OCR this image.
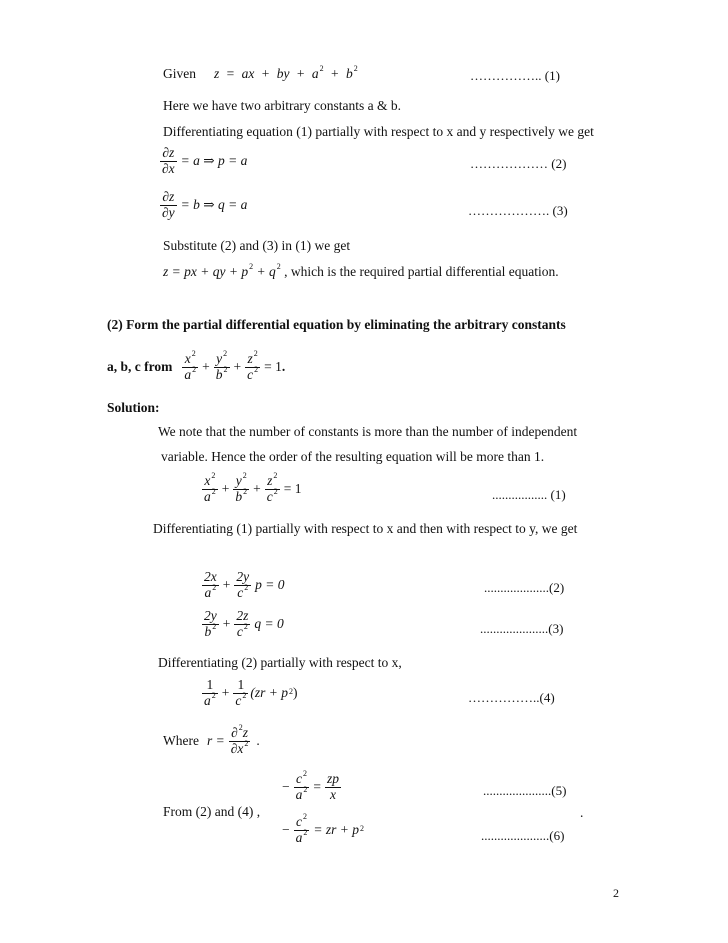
Given z = ax + by + $a^2 + b^2$	…………….. (1)
Here we have two arbitrary constants a & b.
Differentiating equation (1) partially with respect to x and y respectively we get
$\frac{\partial z}{\partial x} = a$ ⇒ p = a	……………… (2)
$\frac{\partial z}{\partial y} = b$ ⇒ q = a	………………. (3)
Substitute (2) and (3) in (1) we get
z = px + qy + $p^2 + q^2$ , which is the required partial differential equation.
(2) Form the partial differential equation by eliminating the arbitrary constants
a, b, c from $\frac{x^2}{a^2} + \frac{y^2}{b^2} + \frac{z^2}{c^2} = 1$ .
Solution:
We note that the number of constants is more than the number of independent
variable. Hence the order of the resulting equation will be more than 1.
$\frac{x^2}{a^2} + \frac{y^2}{b^2} + \frac{z^2}{c^2} = 1$	................. (1)
Differentiating (1) partially with respect to x and then with respect to y, we get
$\frac{2x}{a^2} + \frac{2y}{c^2}$ p = 0	....................(2)
$\frac{2y}{b^2} + \frac{2z}{c^2}$ q = 0	.....................(3)
Differentiating (2) partially with respect to x,
$\frac{1}{a^2} + \frac{1}{c^2} (zr + p^2$ )	……………..(4)
Where $r = \frac{\partial^2z}{\partial x^2}$ .
− $\frac{c^2}{a^2} = \frac{zp}{x}$	.....................(5)
From (2) and (4) ,	.
− $\frac{c^2}{a^2}$ = zr + $p^2$	.....................(6)
2
